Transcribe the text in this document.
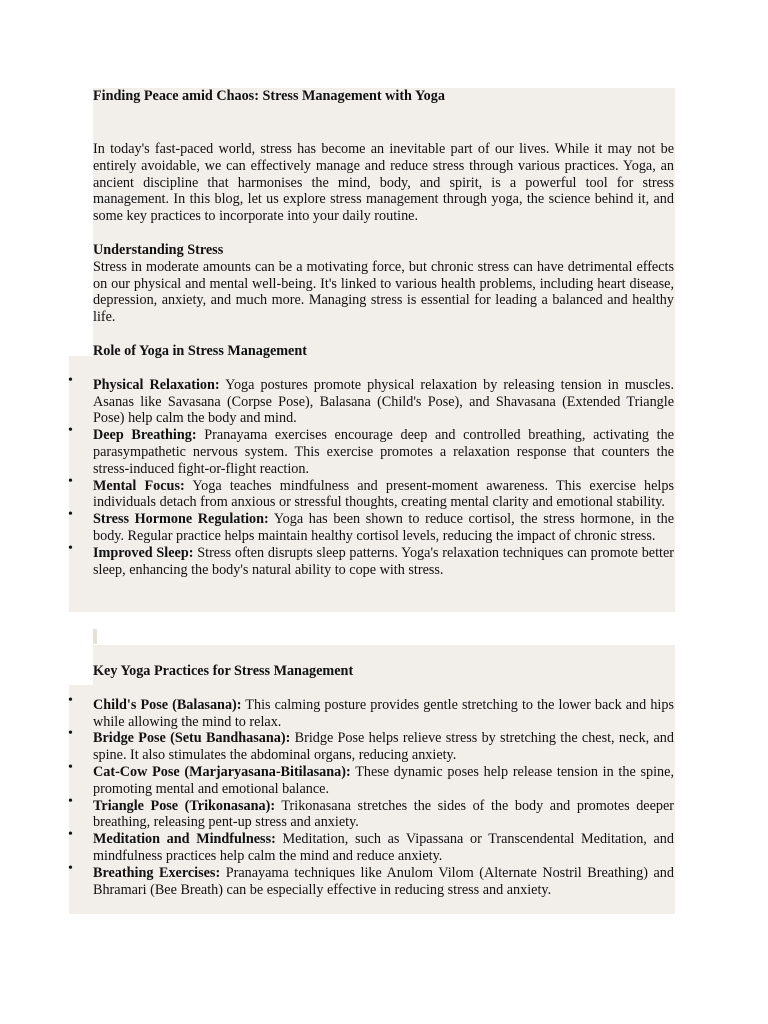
Finding Peace amid Chaos: Stress Management with Yoga

In today's fast-paced world, stress has become an inevitable part of our lives. While it may not be entirely avoidable, we can effectively manage and reduce stress through various practices. Yoga, an ancient discipline that harmonises the mind, body, and spirit, is a powerful tool for stress management. In this blog, let us explore stress management through yoga, the science behind it, and some key practices to incorporate into your daily routine.

Understanding Stress

Stress in moderate amounts can be a motivating force, but chronic stress can have detrimental effects on our physical and mental well-being. It's linked to various health problems, including heart disease, depression, anxiety, and much more. Managing stress is essential for leading a balanced and healthy life.

Role of Yoga in Stress Management
• Physical Relaxation: Yoga postures promote physical relaxation by releasing tension in muscles. Asanas like Savasana (Corpse Pose), Balasana (Child's Pose), and Shavasana (Extended Triangle Pose) help calm the body and mind.
• Deep Breathing: Pranayama exercises encourage deep and controlled breathing, activating the parasympathetic nervous system. This exercise promotes a relaxation response that counters the stress-induced fight-or-flight reaction.
• Mental Focus: Yoga teaches mindfulness and present-moment awareness. This exercise helps individuals detach from anxious or stressful thoughts, creating mental clarity and emotional stability.
• Stress Hormone Regulation: Yoga has been shown to reduce cortisol, the stress hormone, in the body. Regular practice helps maintain healthy cortisol levels, reducing the impact of chronic stress.
• Improved Sleep: Stress often disrupts sleep patterns. Yoga's relaxation techniques can promote better sleep, enhancing the body's natural ability to cope with stress.
Key Yoga Practices for Stress Management
• Child's Pose (Balasana): This calming posture provides gentle stretching to the lower back and hips while allowing the mind to relax.
• Bridge Pose (Setu Bandhasana): Bridge Pose helps relieve stress by stretching the chest, neck, and spine. It also stimulates the abdominal organs, reducing anxiety.
• Cat-Cow Pose (Marjaryasana-Bitilasana): These dynamic poses help release tension in the spine, promoting mental and emotional balance.
• Triangle Pose (Trikonasana): Trikonasana stretches the sides of the body and promotes deeper breathing, releasing pent-up stress and anxiety.
• Meditation and Mindfulness: Meditation, such as Vipassana or Transcendental Meditation, and mindfulness practices help calm the mind and reduce anxiety.
• Breathing Exercises: Pranayama techniques like Anulom Vilom (Alternate Nostril Breathing) and Bhramari (Bee Breath) can be especially effective in reducing stress and anxiety.
